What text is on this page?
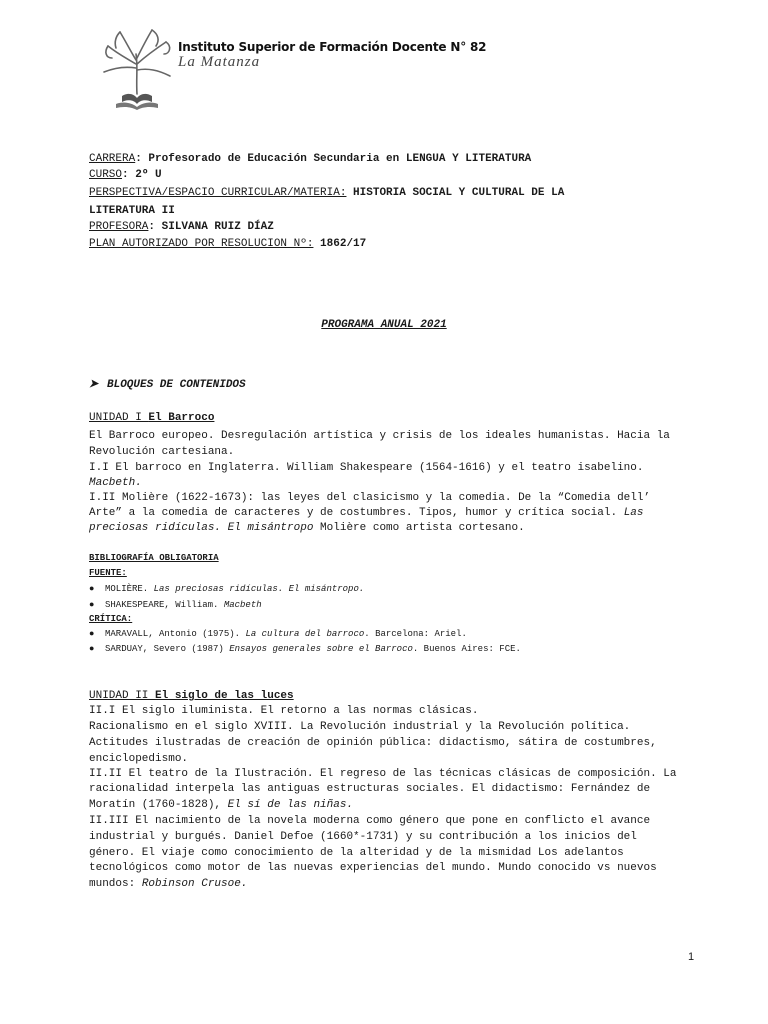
Instituto Superior de Formación Docente N° 82
La Matanza
CARRERA: Profesorado de Educación Secundaria en LENGUA Y LITERATURA
CURSO: 2º U
PERSPECTIVA/ESPACIO CURRICULAR/MATERIA: HISTORIA SOCIAL Y CULTURAL DE LA
LITERATURA II
PROFESORA: SILVANA RUIZ DÍAZ
PLAN AUTORIZADO POR RESOLUCION Nº: 1862/17
PROGRAMA ANUAL 2021
➤ BLOQUES DE CONTENIDOS
UNIDAD I El Barroco
El Barroco europeo. Desregulación artística y crisis de los ideales humanistas. Hacia la
Revolución cartesiana.
I.I El barroco en Inglaterra. William Shakespeare (1564-1616) y el teatro isabelino.
Macbeth.
I.II Molière (1622-1673): las leyes del clasicismo y la comedia. De la “Comedia dell’
Arte” a la comedia de caracteres y de costumbres. Tipos, humor y crítica social. Las
preciosas ridículas. El misántropo Molière como artista cortesano.
BIBLIOGRAFÍA OBLIGATORIA
FUENTE:
● MOLIÈRE. Las preciosas ridículas. El misántropo.
● SHAKESPEARE, William. Macbeth
CRÍTICA:
● MARAVALL, Antonio (1975). La cultura del barroco. Barcelona: Ariel.
● SARDUAY, Severo (1987) Ensayos generales sobre el Barroco. Buenos Aires: FCE.
UNIDAD II El siglo de las luces
II.I El siglo iluminista. El retorno a las normas clásicas.
Racionalismo en el siglo XVIII. La Revolución industrial y la Revolución política.
Actitudes ilustradas de creación de opinión pública: didactismo, sátira de costumbres,
enciclopedismo.
II.II El teatro de la Ilustración. El regreso de las técnicas clásicas de composición. La
racionalidad interpela las antiguas estructuras sociales. El didactismo: Fernández de
Moratín (1760-1828), El sí de las niñas.
II.III El nacimiento de la novela moderna como género que pone en conflicto el avance
industrial y burgués. Daniel Defoe (1660*-1731) y su contribución a los inicios del
género. El viaje como conocimiento de la alteridad y de la mismidad Los adelantos
tecnológicos como motor de las nuevas experiencias del mundo. Mundo conocido vs nuevos
mundos: Robinson Crusoe.
1
